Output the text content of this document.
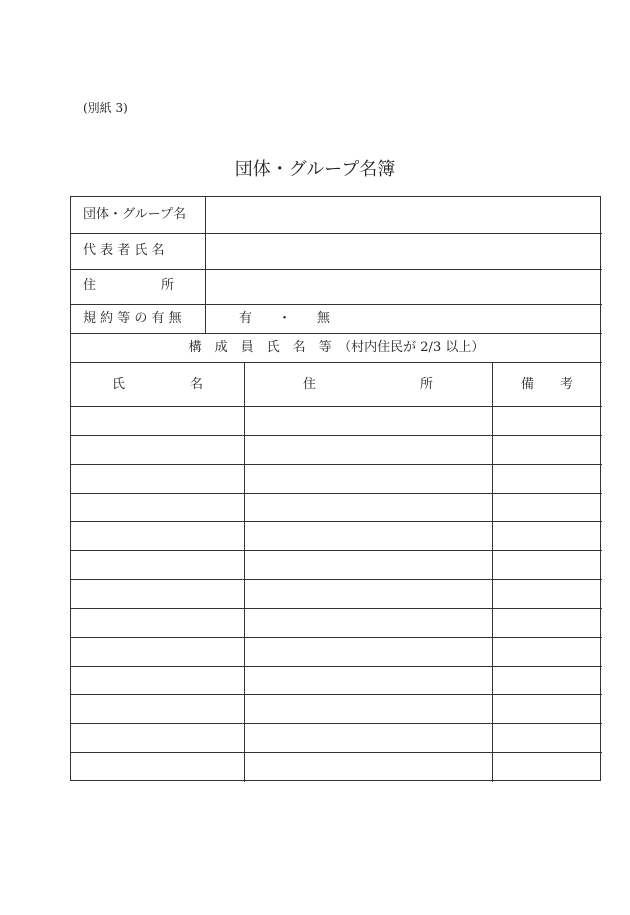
(別紙 3)
団体・グループ名簿
団体・グループ名
代 表 者 氏 名
住　　　　　所
規 約 等 の 有 無	有　　・　　無
構　成　員　氏　名　等　（村内住民が 2/3 以上）
氏　　　　　名	住　　　　　　　　所	備　　考
